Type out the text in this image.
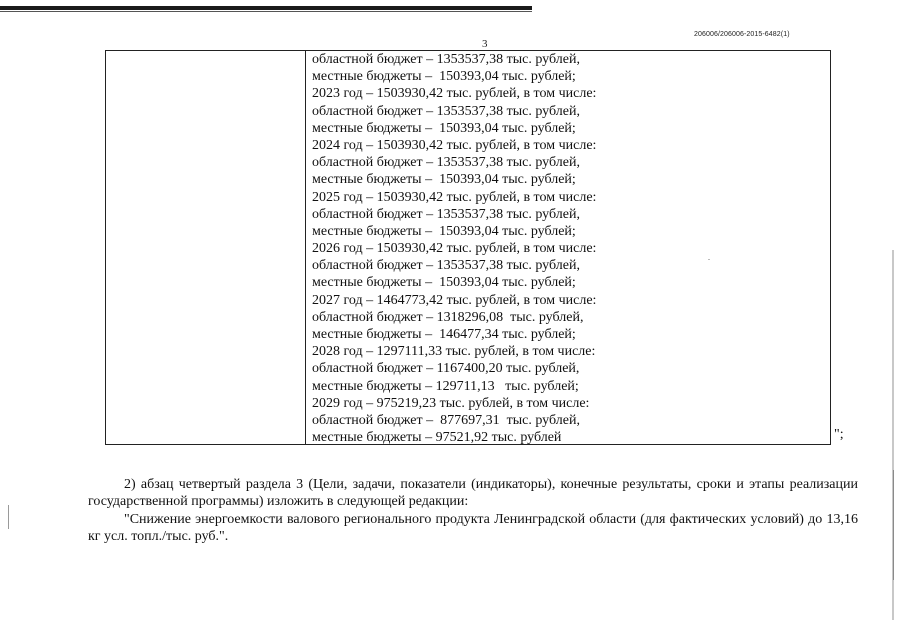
206006/206006-2015-6482(1)
3
областной бюджет – 1353537,38 тыс. рублей,
местные бюджеты –  150393,04 тыс. рублей;
2023 год – 1503930,42 тыс. рублей, в том числе:
областной бюджет – 1353537,38 тыс. рублей,
местные бюджеты –  150393,04 тыс. рублей;
2024 год – 1503930,42 тыс. рублей, в том числе:
областной бюджет – 1353537,38 тыс. рублей,
местные бюджеты –  150393,04 тыс. рублей;
2025 год – 1503930,42 тыс. рублей, в том числе:
областной бюджет – 1353537,38 тыс. рублей,
местные бюджеты –  150393,04 тыс. рублей;
2026 год – 1503930,42 тыс. рублей, в том числе:
областной бюджет – 1353537,38 тыс. рублей,
местные бюджеты –  150393,04 тыс. рублей;
2027 год – 1464773,42 тыс. рублей, в том числе:
областной бюджет – 1318296,08  тыс. рублей,
местные бюджеты –  146477,34 тыс. рублей;
2028 год – 1297111,33 тыс. рублей, в том числе:
областной бюджет – 1167400,20 тыс. рублей,
местные бюджеты – 129711,13   тыс. рублей;
2029 год – 975219,23 тыс. рублей, в том числе:
областной бюджет –  877697,31  тыс. рублей,
местные бюджеты – 97521,92 тыс. рублей	";

2) абзац четвертый раздела 3 (Цели, задачи, показатели (индикаторы), конечные результаты, сроки и этапы реализации государственной программы) изложить в следующей редакции:

"Снижение энергоемкости валового регионального продукта Ленинградской области (для фактических условий) до 13,16 кг усл. топл./тыс. руб.".
